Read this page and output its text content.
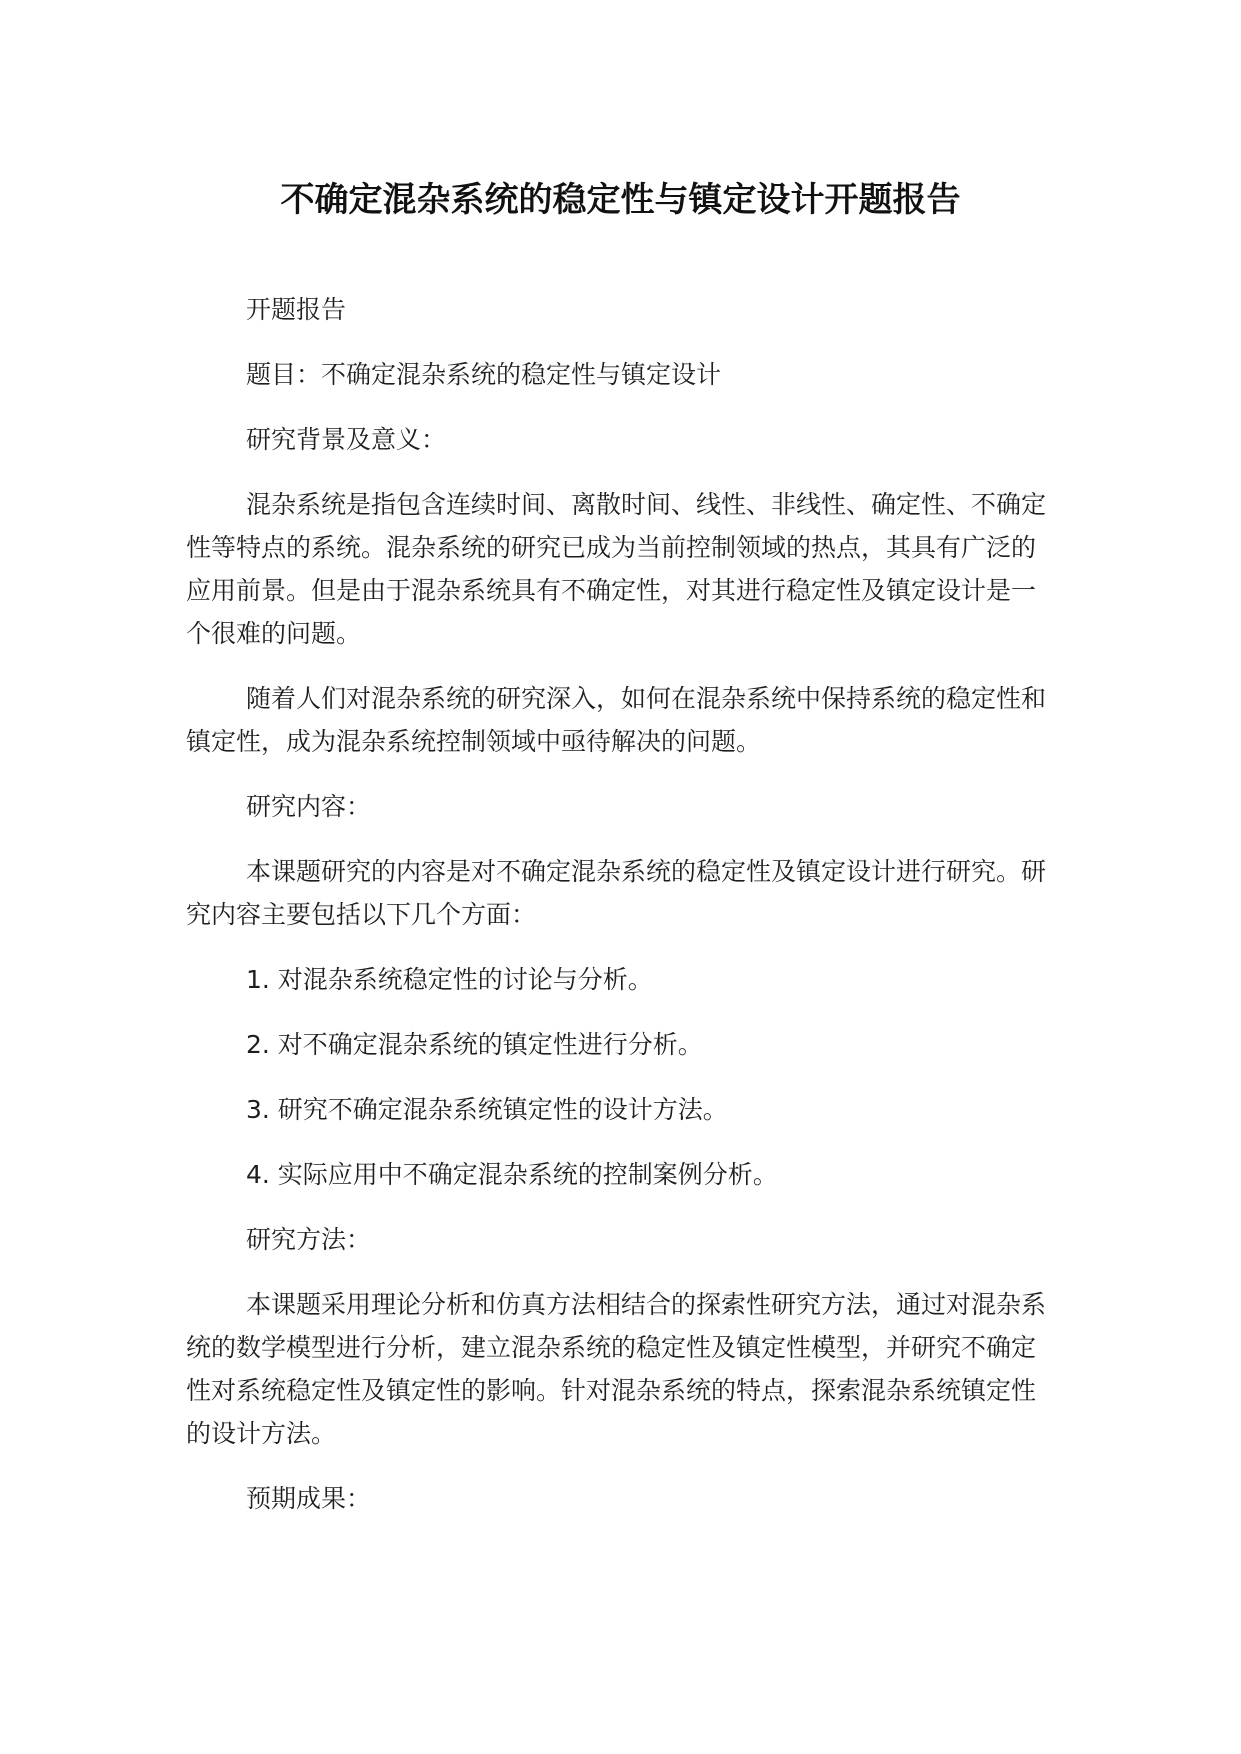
不确定混杂系统的稳定性与镇定设计开题报告

开题报告

题目：不确定混杂系统的稳定性与镇定设计

研究背景及意义：

混杂系统是指包含连续时间、离散时间、线性、非线性、确定性、不确定性等特点的系统。混杂系统的研究已成为当前控制领域的热点，其具有广泛的应用前景。但是由于混杂系统具有不确定性，对其进行稳定性及镇定设计是一个很难的问题。

随着人们对混杂系统的研究深入，如何在混杂系统中保持系统的稳定性和镇定性，成为混杂系统控制领域中亟待解决的问题。

研究内容：

本课题研究的内容是对不确定混杂系统的稳定性及镇定设计进行研究。研究内容主要包括以下几个方面：

1. 对混杂系统稳定性的讨论与分析。

2. 对不确定混杂系统的镇定性进行分析。

3. 研究不确定混杂系统镇定性的设计方法。

4. 实际应用中不确定混杂系统的控制案例分析。

研究方法：

本课题采用理论分析和仿真方法相结合的探索性研究方法，通过对混杂系统的数学模型进行分析，建立混杂系统的稳定性及镇定性模型，并研究不确定性对系统稳定性及镇定性的影响。针对混杂系统的特点，探索混杂系统镇定性的设计方法。

预期成果：
